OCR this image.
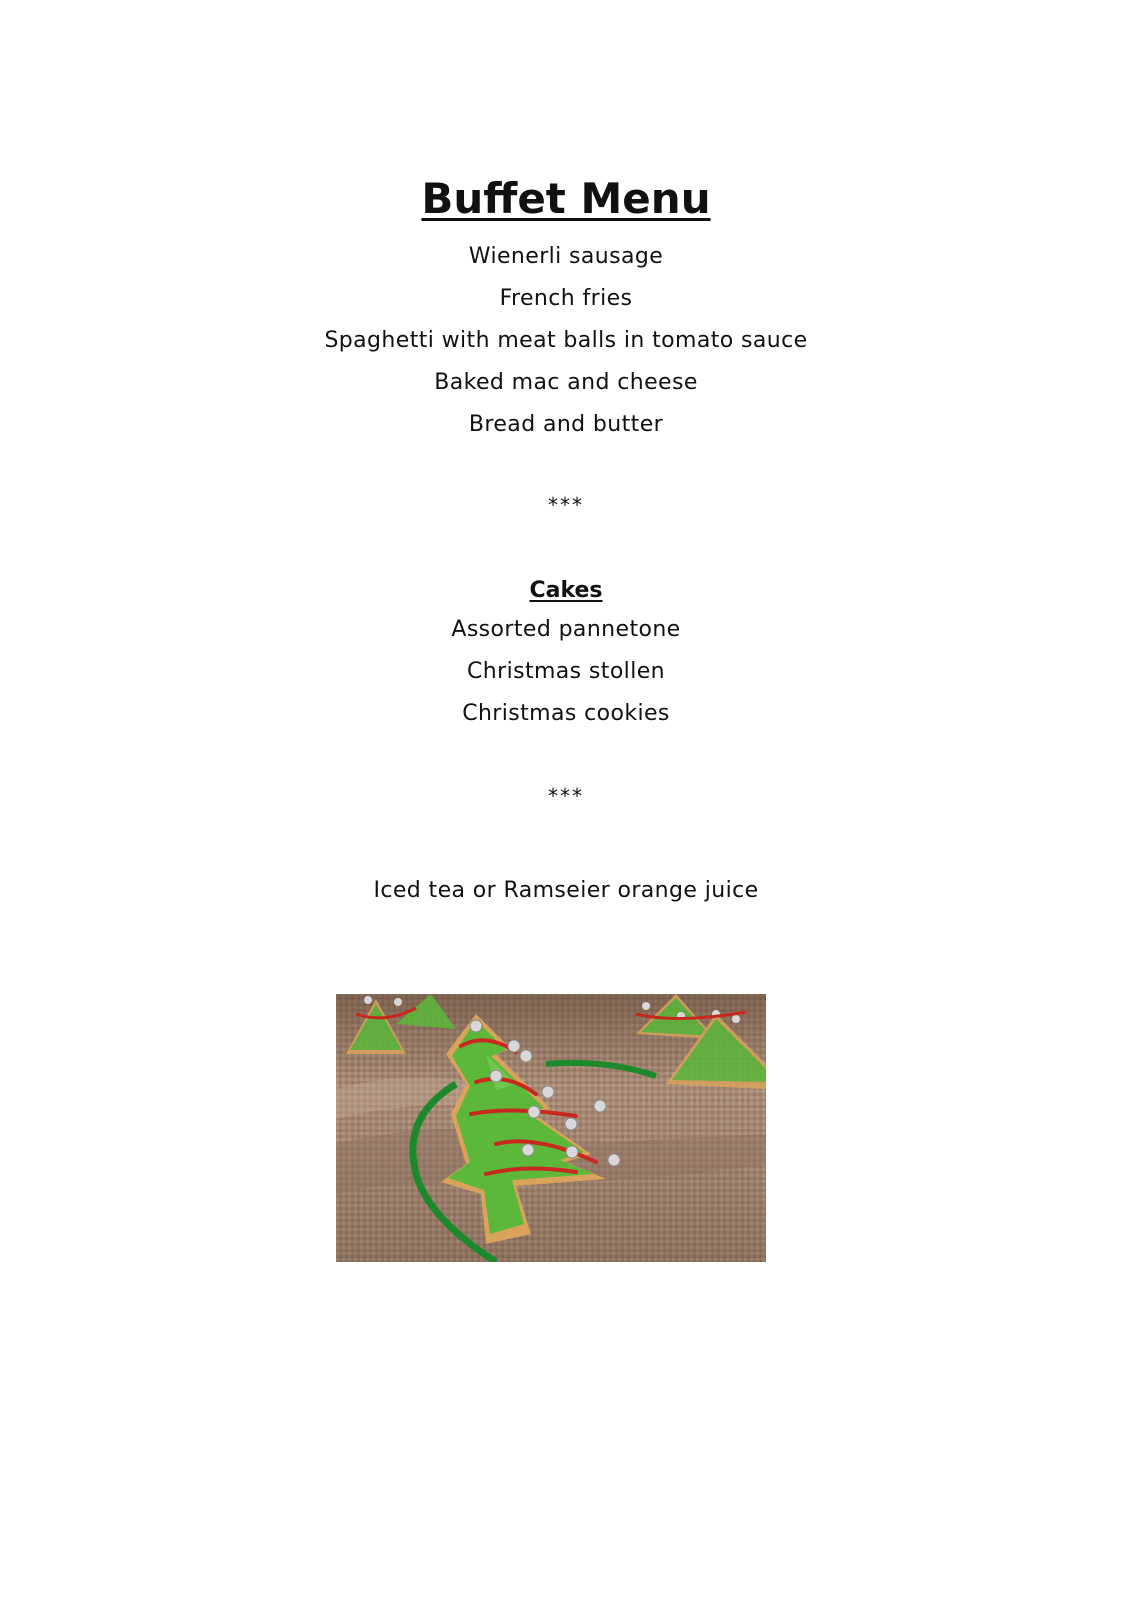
Buffet Menu
Wienerli sausage
French fries
Spaghetti with meat balls in tomato sauce
Baked mac and cheese
Bread and butter
***
Cakes
Assorted pannetone
Christmas stollen
Christmas cookies
***
Iced tea or Ramseier orange juice
